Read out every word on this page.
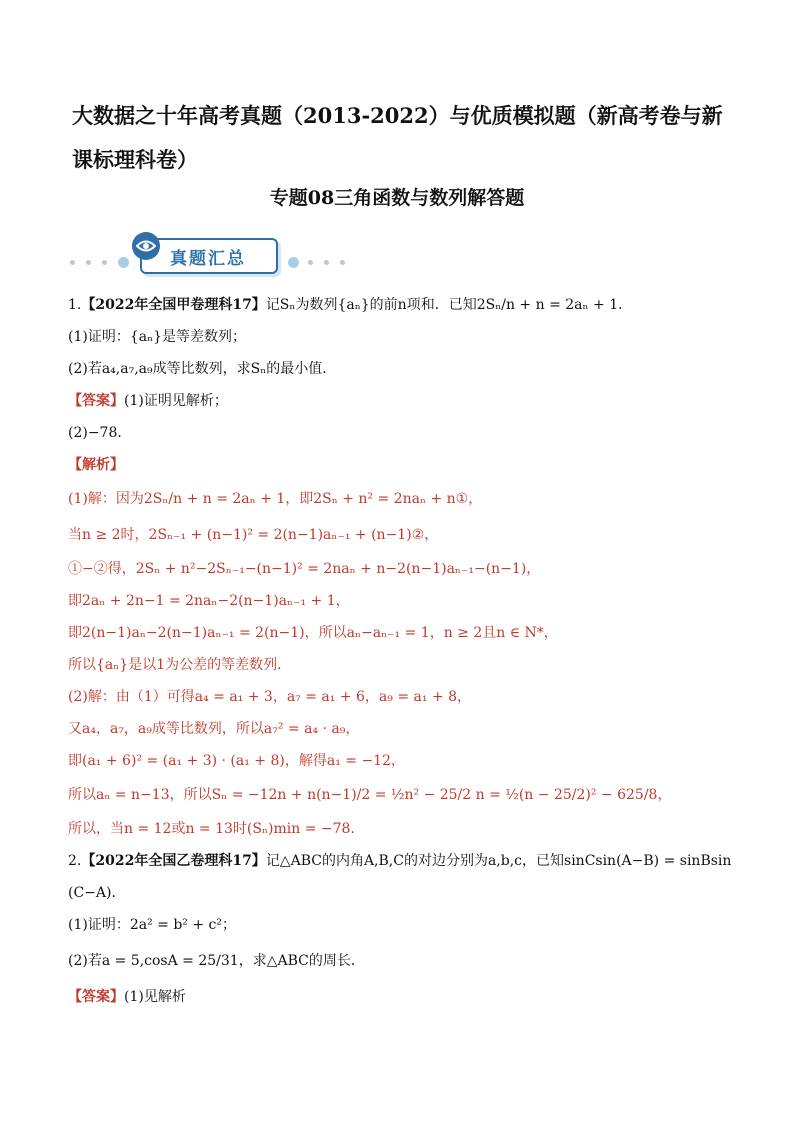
大数据之十年高考真题（2013-2022）与优质模拟题（新高考卷与新课标理科卷）
专题08三角函数与数列解答题
真题汇总
1.【2022年全国甲卷理科17】记Sₙ为数列{aₙ}的前n项和．已知2Sₙ/n + n = 2aₙ + 1．
(1)证明：{aₙ}是等差数列；
(2)若a₄,a₇,a₉成等比数列，求Sₙ的最小值．
【答案】(1)证明见解析；
(2)−78．
【解析】
(1)解：因为2Sₙ/n + n = 2aₙ + 1，即2Sₙ + n² = 2naₙ + n①，
当n ≥ 2时，2Sₙ₋₁ + (n−1)² = 2(n−1)aₙ₋₁ + (n−1)②，
①−②得，2Sₙ + n²−2Sₙ₋₁−(n−1)² = 2naₙ + n−2(n−1)aₙ₋₁−(n−1)，
即2aₙ + 2n−1 = 2naₙ−2(n−1)aₙ₋₁ + 1，
即2(n−1)aₙ−2(n−1)aₙ₋₁ = 2(n−1)，所以aₙ−aₙ₋₁ = 1，n ≥ 2且n ∈ N*，
所以{aₙ}是以1为公差的等差数列．
(2)解：由（1）可得a₄ = a₁ + 3，a₇ = a₁ + 6，a₉ = a₁ + 8，
又a₄，a₇，a₉成等比数列，所以a₇² = a₄ · a₉，
即(a₁ + 6)² = (a₁ + 3) · (a₁ + 8)，解得a₁ = −12，
所以aₙ = n−13，所以Sₙ = −12n + n(n−1)/2 = ½n² − 25/2 n = ½(n − 25/2)² − 625/8，
所以，当n = 12或n = 13时(Sₙ)min = −78．
2.【2022年全国乙卷理科17】记△ABC的内角A,B,C的对边分别为a,b,c，已知sinCsin(A−B) = sinBsin
(C−A)．
(1)证明：2a² = b² + c²；
(2)若a = 5,cosA = 25/31，求△ABC的周长．
【答案】(1)见解析
